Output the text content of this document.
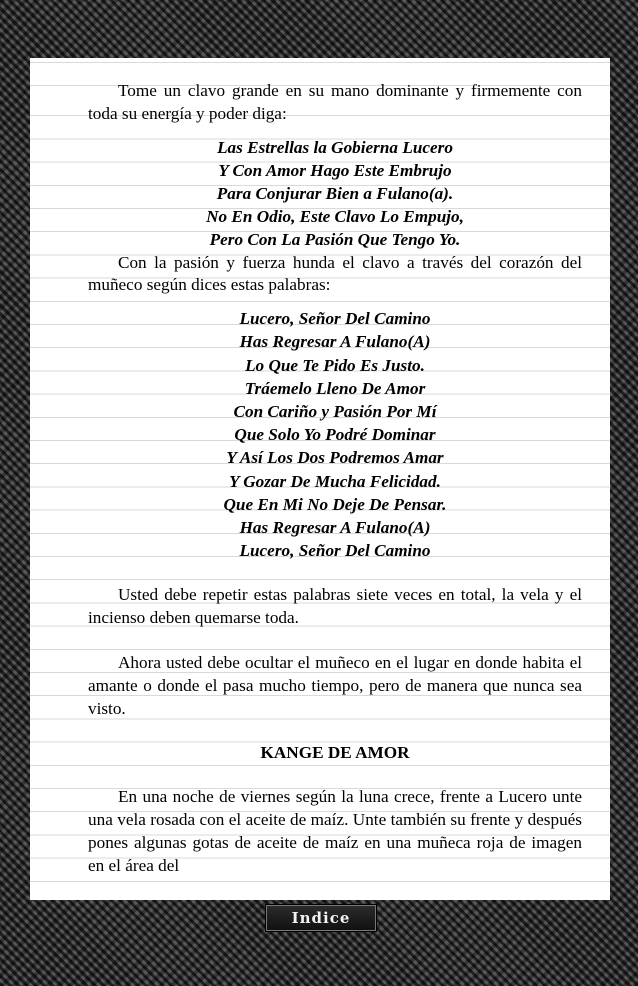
Tome un clavo grande en su mano dominante y firmemente con toda su energía y poder diga:

Las Estrellas la Gobierna Lucero

Y Con Amor Hago Este Embrujo

Para Conjurar Bien a Fulano(a).

No En Odio, Este Clavo Lo Empujo,

Pero Con La Pasión Que Tengo Yo.

Con la pasión y fuerza hunda el clavo a través del corazón del muñeco según dices estas palabras:

Lucero, Señor Del Camino

Has Regresar A Fulano(A)

Lo Que Te Pido Es Justo.

Tráemelo Lleno De Amor

Con Cariño y Pasión Por Mí

Que Solo Yo Podré Dominar

Y Así Los Dos Podremos Amar

Y Gozar De Mucha Felicidad.

Que En Mi No Deje De Pensar.

Has Regresar A Fulano(A)

Lucero, Señor Del Camino

Usted debe repetir estas palabras siete veces en total, la vela y el incienso deben quemarse toda.

Ahora usted debe ocultar el muñeco en el lugar en donde habita el amante o donde el pasa mucho tiempo, pero de manera que nunca sea visto.

KANGE DE AMOR

En una noche de viernes según la luna crece, frente a Lucero unte una vela rosada con el aceite de maíz. Unte también su frente y después pones algunas gotas de aceite de maíz en una muñeca roja de imagen en el área del

Indice
